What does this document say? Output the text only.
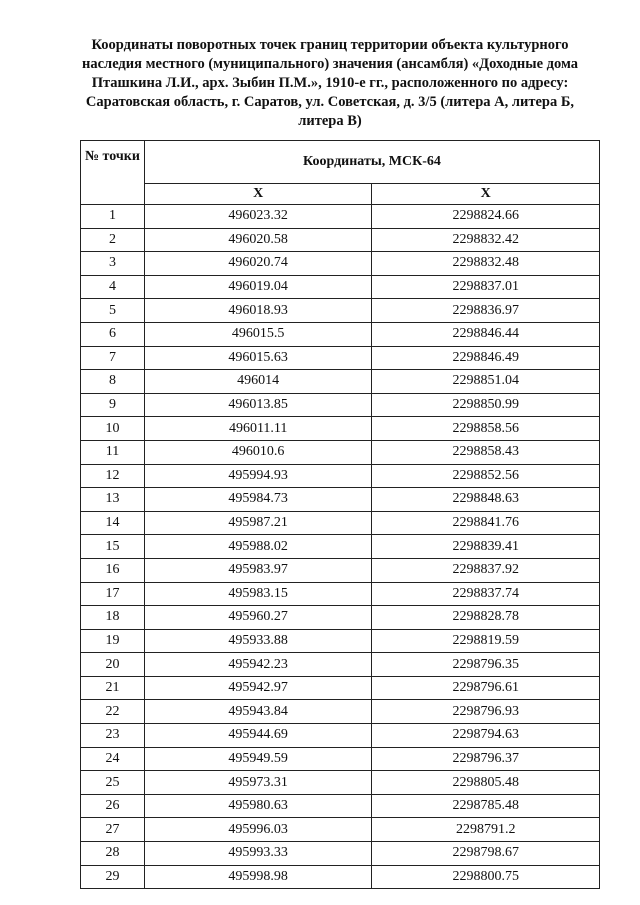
Координаты поворотных точек границ территории объекта культурного
наследия местного (муниципального) значения (ансамбля) «Доходные дома
Пташкина Л.И., арх. Зыбин П.М.», 1910-е гг., расположенного по адресу:
Саратовская область, г. Саратов, ул. Советская, д. 3/5 (литера А, литера Б,
литера В)
№ точки	Координаты, МСК-64	
	X	X
1	496023.32	2298824.66
2	496020.58	2298832.42
3	496020.74	2298832.48
4	496019.04	2298837.01
5	496018.93	2298836.97
6	496015.5	2298846.44
7	496015.63	2298846.49
8	496014	2298851.04
9	496013.85	2298850.99
10	496011.11	2298858.56
11	496010.6	2298858.43
12	495994.93	2298852.56
13	495984.73	2298848.63
14	495987.21	2298841.76
15	495988.02	2298839.41
16	495983.97	2298837.92
17	495983.15	2298837.74
18	495960.27	2298828.78
19	495933.88	2298819.59
20	495942.23	2298796.35
21	495942.97	2298796.61
22	495943.84	2298796.93
23	495944.69	2298794.63
24	495949.59	2298796.37
25	495973.31	2298805.48
26	495980.63	2298785.48
27	495996.03	2298791.2
28	495993.33	2298798.67
29	495998.98	2298800.75
